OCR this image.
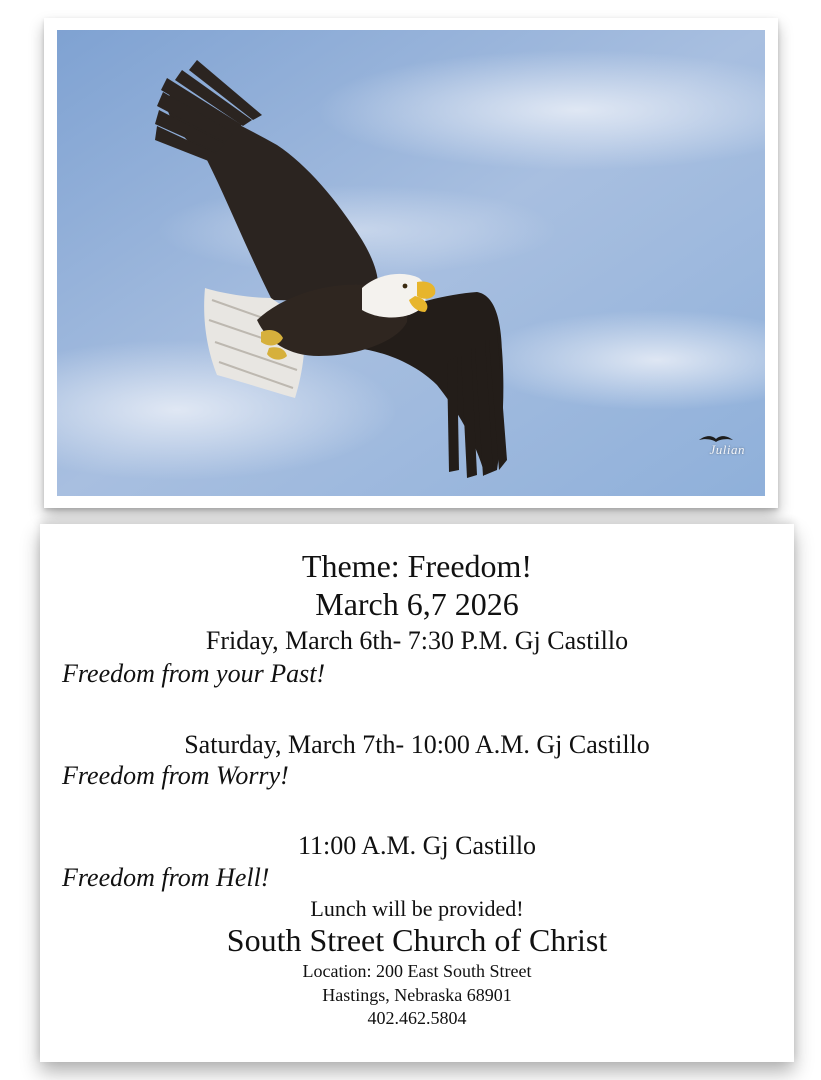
Julian
Theme: Freedom!
March 6,7 2026
Friday, March 6th- 7:30 P.M. Gj Castillo
Freedom from your Past!
Saturday, March 7th- 10:00 A.M. Gj Castillo
Freedom from Worry!
11:00 A.M. Gj Castillo
Freedom from Hell!
Lunch will be provided!
South Street Church of Christ
Location: 200 East South Street
Hastings, Nebraska 68901
402.462.5804
